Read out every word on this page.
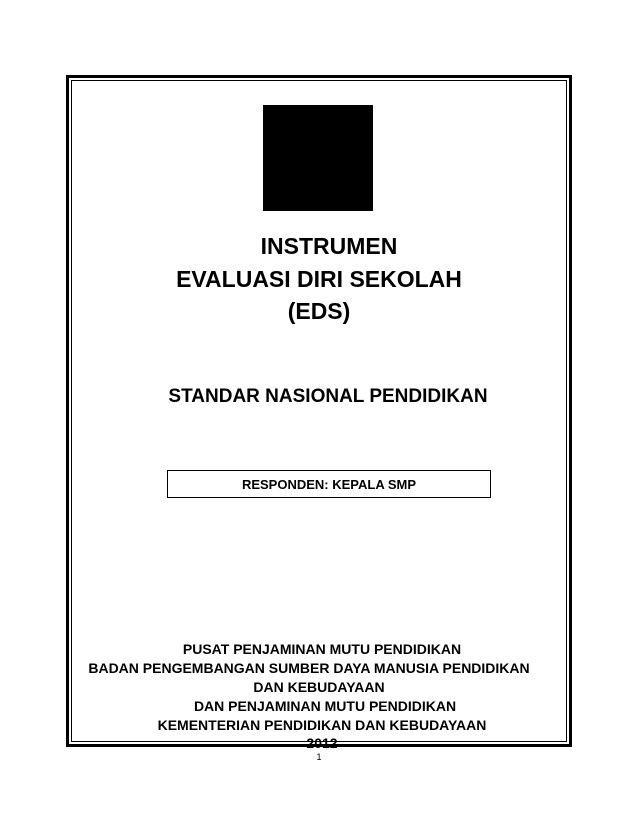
INSTRUMEN
EVALUASI DIRI SEKOLAH
(EDS)
STANDAR NASIONAL PENDIDIKAN
RESPONDEN: KEPALA SMP
PUSAT PENJAMINAN MUTU PENDIDIKAN
BADAN PENGEMBANGAN SUMBER DAYA MANUSIA PENDIDIKAN
DAN KEBUDAYAAN
DAN PENJAMINAN MUTU PENDIDIKAN
KEMENTERIAN PENDIDIKAN DAN KEBUDAYAAN
2012
1
